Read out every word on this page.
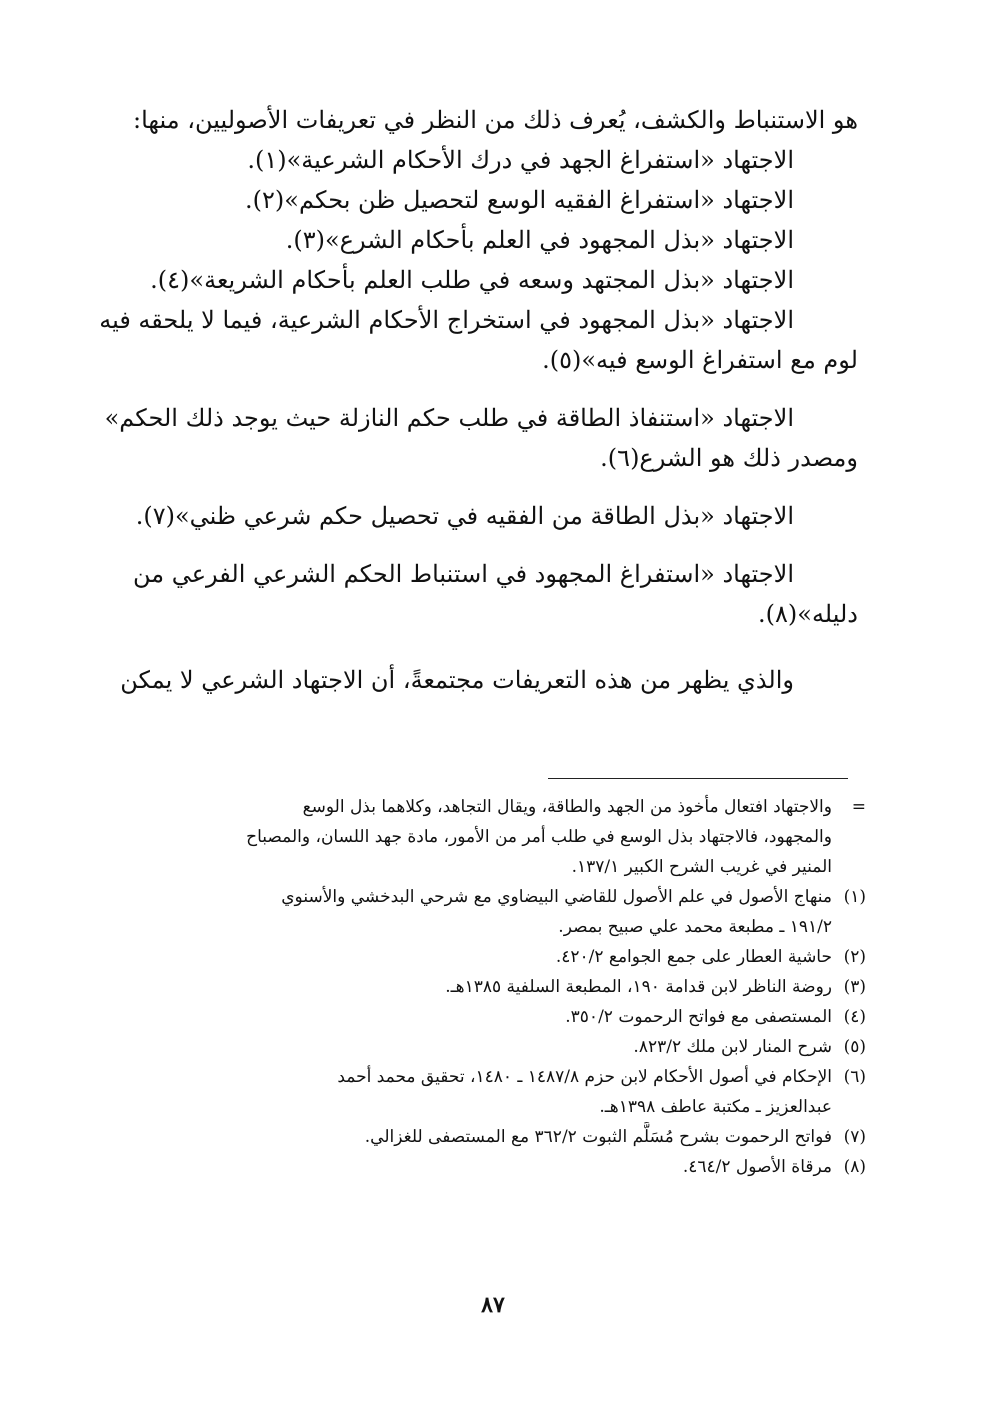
هو الاستنباط والكشف، يُعرف ذلك من النظر في تعريفات الأصوليين، منها:
الاجتهاد «استفراغ الجهد في درك الأحكام الشرعية»(١).
الاجتهاد «استفراغ الفقيه الوسع لتحصيل ظن بحكم»(٢).
الاجتهاد «بذل المجهود في العلم بأحكام الشرع»(٣).
الاجتهاد «بذل المجتهد وسعه في طلب العلم بأحكام الشريعة»(٤).
الاجتهاد «بذل المجهود في استخراج الأحكام الشرعية، فيما لا يلحقه فيه
لوم مع استفراغ الوسع فيه»(٥).
الاجتهاد «استنفاذ الطاقة في طلب حكم النازلة حيث يوجد ذلك الحكم»
ومصدر ذلك هو الشرع(٦).
الاجتهاد «بذل الطاقة من الفقيه في تحصيل حكم شرعي ظني»(٧).
الاجتهاد «استفراغ المجهود في استنباط الحكم الشرعي الفرعي من
دليله»(٨).
والذي يظهر من هذه التعريفات مجتمعةً، أن الاجتهاد الشرعي لا يمكن
=
والاجتهاد افتعال مأخوذ من الجهد والطاقة، ويقال التجاهد، وكلاهما بذل الوسع
والمجهود، فالاجتهاد بذل الوسع في طلب أمر من الأمور، مادة جهد اللسان، والمصباح
المنير في غريب الشرح الكبير ١٣٧/١.
(١)
منهاج الأصول في علم الأصول للقاضي البيضاوي مع شرحي البدخشي والأسنوي
١٩١/٢ ـ مطبعة محمد علي صبيح بمصر.
(٢)
حاشية العطار على جمع الجوامع ٤٢٠/٢.
(٣)
روضة الناظر لابن قدامة ١٩٠، المطبعة السلفية ١٣٨٥هـ.
(٤)
المستصفى مع فواتح الرحموت ٣٥٠/٢.
(٥)
شرح المنار لابن ملك ٨٢٣/٢.
(٦)
الإحكام في أصول الأحكام لابن حزم ١٤٨٧/٨ ـ ١٤٨٠، تحقيق محمد أحمد
عبدالعزيز ـ مكتبة عاطف ١٣٩٨هـ.
(٧)
فواتح الرحموت بشرح مُسَلَّم الثبوت ٣٦٢/٢ مع المستصفى للغزالي.
(٨)
مرقاة الأصول ٤٦٤/٢.
٨٧
